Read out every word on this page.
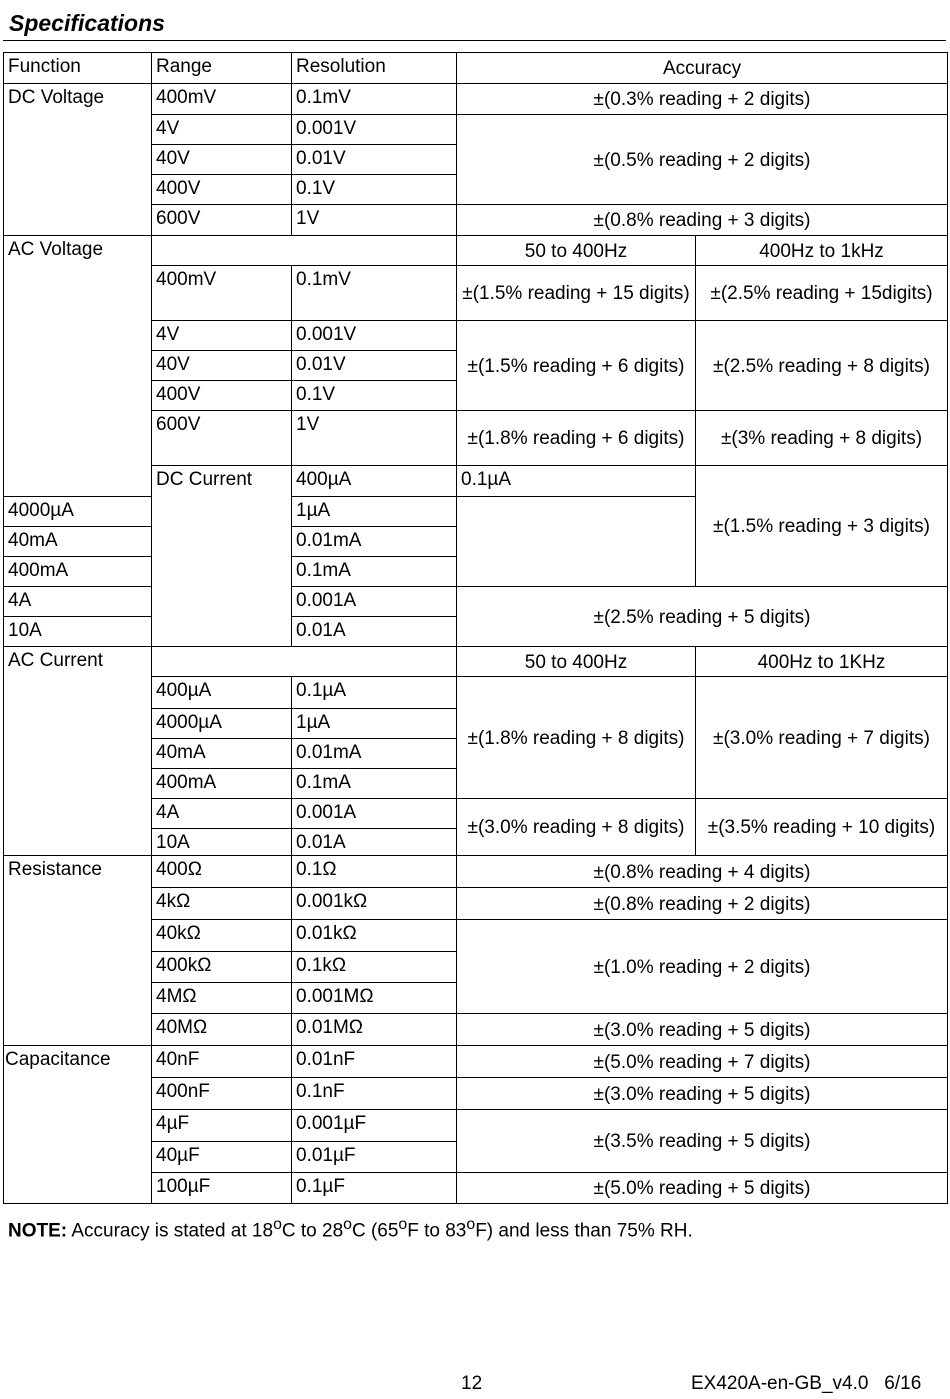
Specifications
Function	Range	Resolution	Accuracy	
DC Voltage	400mV	0.1mV	±(0.3% reading + 2 digits)	
	4V	0.001V	±(0.5% reading + 2 digits)	
	40V	0.01V		
	400V	0.1V		
	600V	1V	±(0.8% reading + 3 digits)	
AC Voltage			50 to 400Hz	400Hz to 1kHz
	400mV	0.1mV	±(1.5% reading + 15 digits)	±(2.5% reading + 15digits)
	4V	0.001V	±(1.5% reading + 6 digits)	±(2.5% reading + 8 digits)
	40V	0.01V		
	400V	0.1V		
	600V	1V	±(1.8% reading + 6 digits)	±(3% reading + 8 digits)
	DC Current	400µA	0.1µA	±(1.5% reading + 3 digits)
4000µA		1µA		
40mA		0.01mA		
400mA		0.1mA		
4A		0.001A	±(2.5% reading + 5 digits)	
10A		0.01A		
AC Current			50 to 400Hz	400Hz to 1KHz
	400µA	0.1µA	±(1.8% reading + 8 digits)	±(3.0% reading + 7 digits)
	4000µA	1µA		
	40mA	0.01mA		
	400mA	0.1mA		
	4A	0.001A	±(3.0% reading + 8 digits)	±(3.5% reading + 10 digits)
	10A	0.01A		
Resistance	400Ω	0.1Ω	±(0.8% reading + 4 digits)	
	4kΩ	0.001kΩ	±(0.8% reading + 2 digits)	
	40kΩ	0.01kΩ	±(1.0% reading + 2 digits)	
	400kΩ	0.1kΩ		
	4MΩ	0.001MΩ		
	40MΩ	0.01MΩ	±(3.0% reading + 5 digits)	
Capacitance	40nF	0.01nF	±(5.0% reading + 7 digits)	
	400nF	0.1nF	±(3.0% reading + 5 digits)	
	4µF	0.001µF	±(3.5% reading + 5 digits)	
	40µF	0.01µF		
	100µF	0.1µF	±(5.0% reading + 5 digits)	

NOTE: Accuracy is stated at 18$^o$C to 28$^o$C (65$^o$F to 83$^o$F) and less than 75% RH.

12	EX420A-en-GB_v4.0   6/16
